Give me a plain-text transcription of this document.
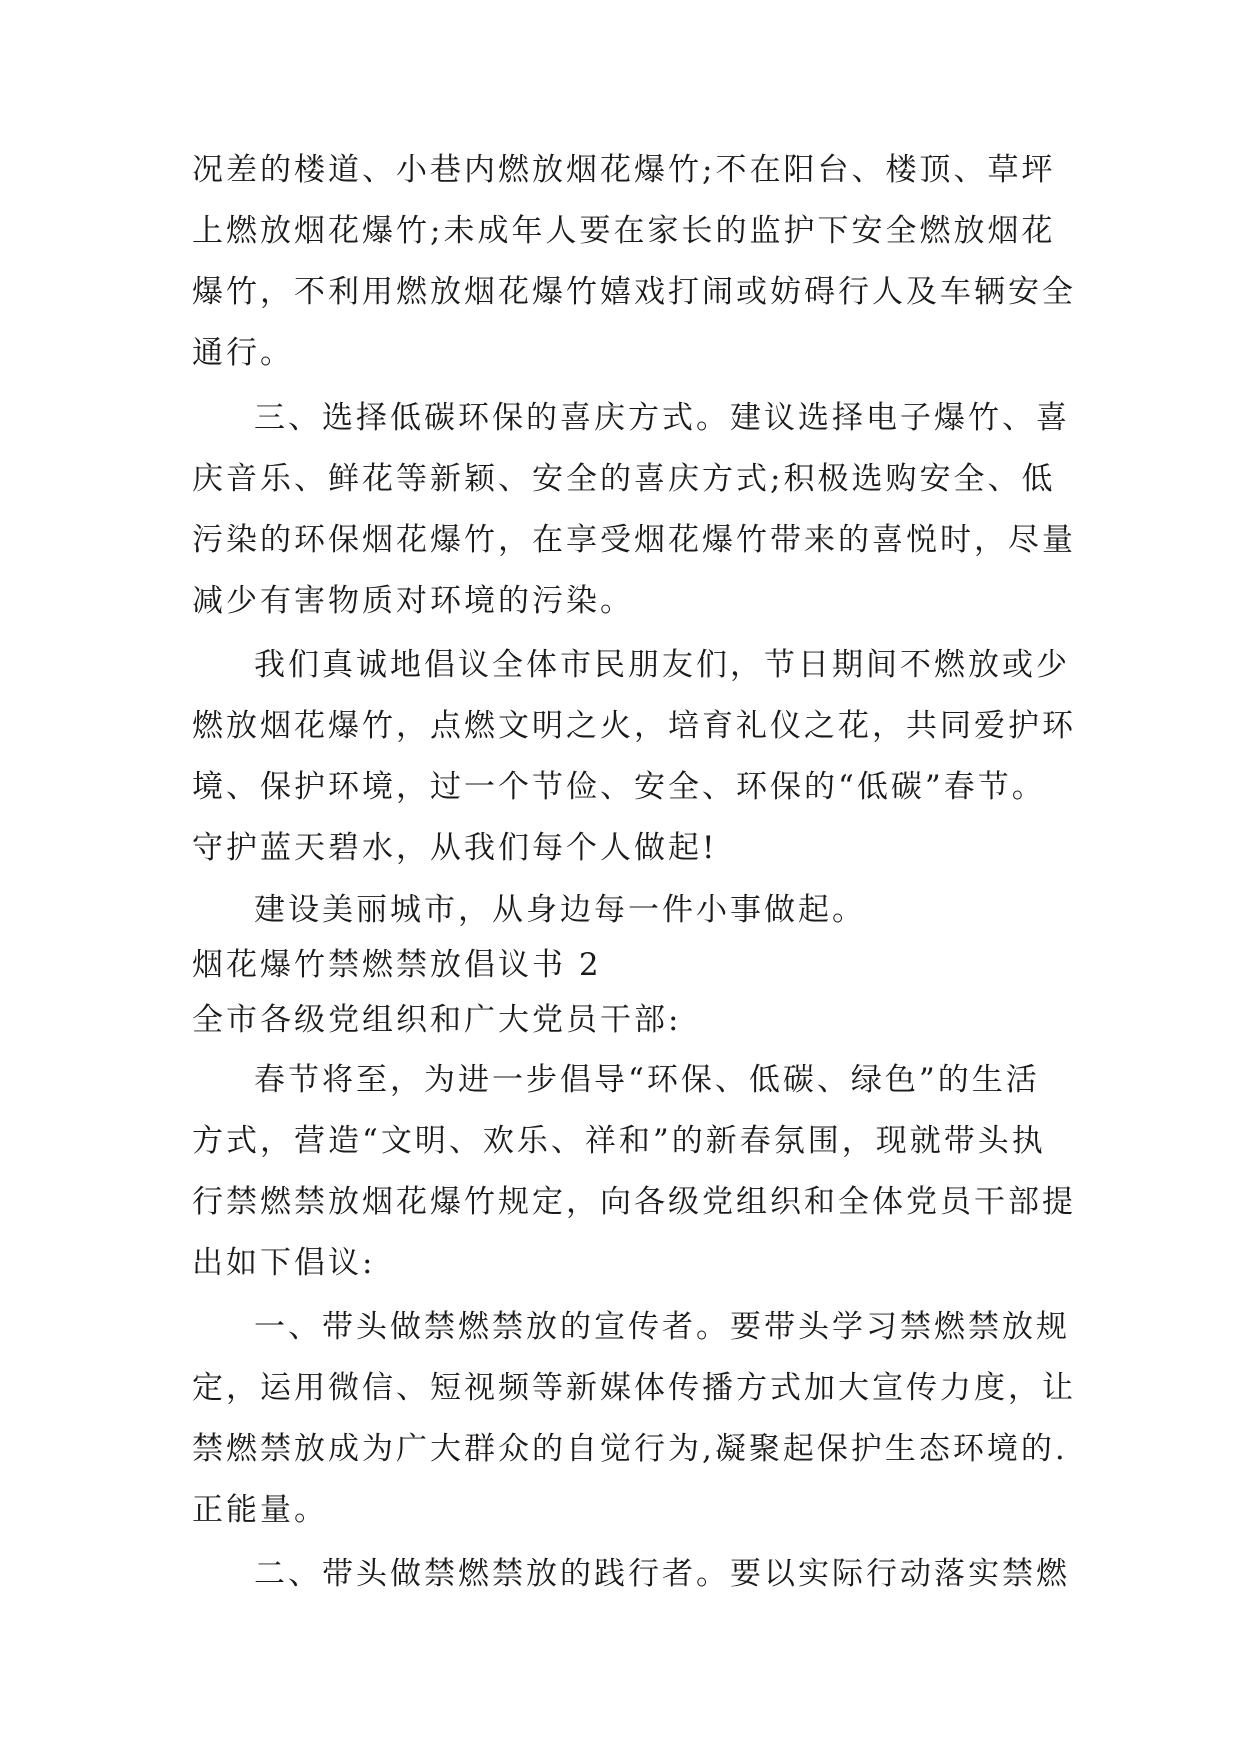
况差的楼道、小巷内燃放烟花爆竹;不在阳台、楼顶、草坪
上燃放烟花爆竹;未成年人要在家长的监护下安全燃放烟花
爆竹，不利用燃放烟花爆竹嬉戏打闹或妨碍行人及车辆安全
通行。
三、选择低碳环保的喜庆方式。建议选择电子爆竹、喜
庆音乐、鲜花等新颖、安全的喜庆方式;积极选购安全、低
污染的环保烟花爆竹，在享受烟花爆竹带来的喜悦时，尽量
减少有害物质对环境的污染。
我们真诚地倡议全体市民朋友们，节日期间不燃放或少
燃放烟花爆竹，点燃文明之火，培育礼仪之花，共同爱护环
境、保护环境，过一个节俭、安全、环保的“低碳”春节。
守护蓝天碧水，从我们每个人做起!
建设美丽城市，从身边每一件小事做起。
烟花爆竹禁燃禁放倡议书 2
全市各级党组织和广大党员干部:
春节将至，为进一步倡导“环保、低碳、绿色”的生活
方式，营造“文明、欢乐、祥和”的新春氛围，现就带头执
行禁燃禁放烟花爆竹规定，向各级党组织和全体党员干部提
出如下倡议:
一、带头做禁燃禁放的宣传者。要带头学习禁燃禁放规
定，运用微信、短视频等新媒体传播方式加大宣传力度，让
禁燃禁放成为广大群众的自觉行为,凝聚起保护生态环境的.
正能量。
二、带头做禁燃禁放的践行者。要以实际行动落实禁燃
